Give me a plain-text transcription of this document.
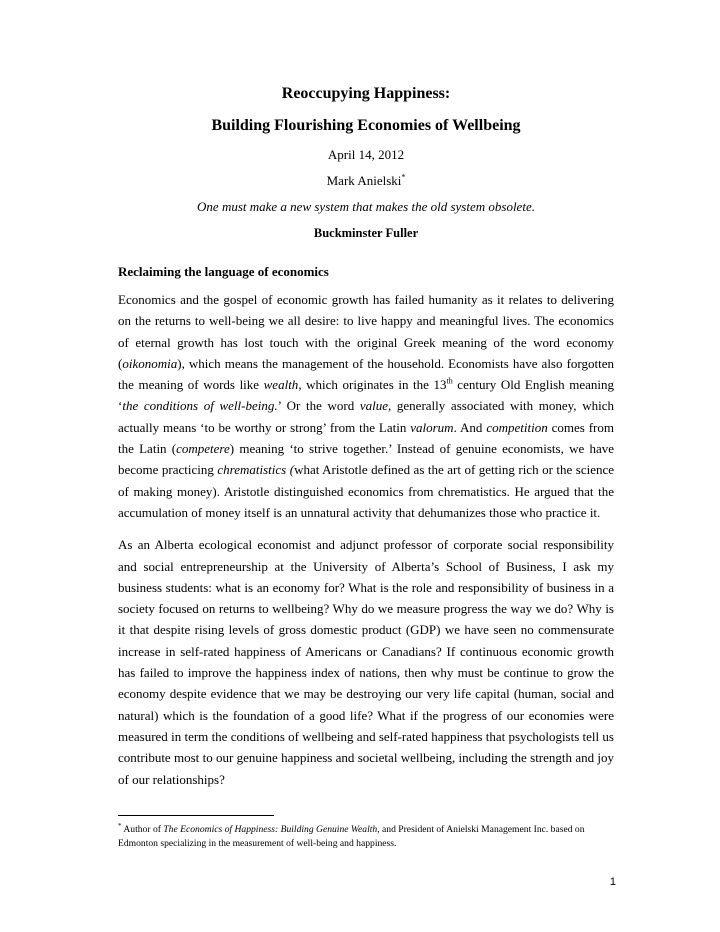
Reoccupying Happiness:
Building Flourishing Economies of Wellbeing
April 14, 2012
Mark Anielski*
One must make a new system that makes the old system obsolete.
Buckminster Fuller
Reclaiming the language of economics

Economics and the gospel of economic growth has failed humanity as it relates to delivering on the returns to well-being we all desire: to live happy and meaningful lives. The economics of eternal growth has lost touch with the original Greek meaning of the word economy (oikonomia), which means the management of the household. Economists have also forgotten the meaning of words like wealth, which originates in the 13th century Old English meaning ‘the conditions of well-being.’ Or the word value, generally associated with money, which actually means ‘to be worthy or strong’ from the Latin valorum. And competition comes from the Latin (competere) meaning ‘to strive together.’ Instead of genuine economists, we have become practicing chrematistics (what Aristotle defined as the art of getting rich or the science of making money). Aristotle distinguished economics from chrematistics. He argued that the accumulation of money itself is an unnatural activity that dehumanizes those who practice it.

As an Alberta ecological economist and adjunct professor of corporate social responsibility and social entrepreneurship at the University of Alberta’s School of Business, I ask my business students: what is an economy for? What is the role and responsibility of business in a society focused on returns to wellbeing? Why do we measure progress the way we do? Why is it that despite rising levels of gross domestic product (GDP) we have seen no commensurate increase in self-rated happiness of Americans or Canadians? If continuous economic growth has failed to improve the happiness index of nations, then why must be continue to grow the economy despite evidence that we may be destroying our very life capital (human, social and natural) which is the foundation of a good life? What if the progress of our economies were measured in term the conditions of wellbeing and self-rated happiness that psychologists tell us contribute most to our genuine happiness and societal wellbeing, including the strength and joy of our relationships?

* Author of The Economics of Happiness: Building Genuine Wealth, and President of Anielski Management Inc. based on Edmonton specializing in the measurement of well-being and happiness.
1
